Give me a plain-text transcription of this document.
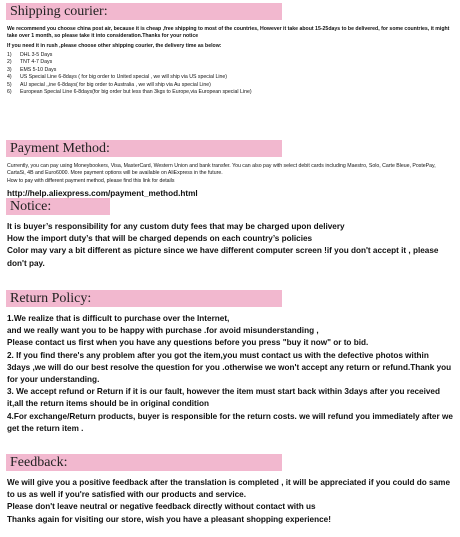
Shipping courier:
We recommend you choose china post air, because it is cheap ,free shipping to most of the countries, However it take about 15-25days to be delivered, for some countries, it might take over 1 month, so please take it into consideration.Thanks for your notice
If you need it in rush ,please choose other shipping courier, the delivery time as below:
1)	DHL 3-5 Days
2)	TNT 4-7 Days
3)	EMS 5-10 Days
4)	US Special Line 6-8days ( for big order to United special , we will ship via US special Line)
5)	AU special ,,ine 6-8days( for big order to Australia , we will ship via Au special Line)
6)	European Special Line 6-8days(for big order but less than 3kgs to Europe,via European special Line)
Payment Method:
Currently, you can pay using Moneybookers, Visa, MasterCard, Western Union and bank transfer. You can also pay with select debit cards including Maestro, Solo, Carte Bleue, PostePay, CartaSi, 4B and Euro6000. More payment options will be available on AliExpress in the future.
How to pay with different payment method, please find this link for details
http://help.aliexpress.com/payment_method.html
Notice:
It is buyer’s responsibility for any custom duty fees that may be charged upon delivery
How the import duty’s that will be charged depends on each country’s policies
Color may vary a bit different as picture since we have different computer screen !if you don't accept it , please don't pay.
Return Policy:
1.We realize that is difficult to purchase over the Internet,
and we really want you to be happy with purchase .for avoid misunderstanding ,
Please contact us first when you have any questions before you press "buy it now" or to bid.
2. If you find there's any problem after you got the item,you must contact us with the defective photos within 3days ,we will do our best resolve the question for you .otherwise we won't accept any return or refund.Thank you for your understanding.
3. We accept refund or Return if it is our fault, however the item must start back within 3days after you received it,all the return items should be in original condition
4.For exchange/Return products, buyer is responsible for the return costs. we will refund you immediately after we get the return item .
Feedback:
We will give you a positive feedback after the translation is completed , it will be appreciated if you could do same to us as well if you're satisfied with our products and service.
Please don't leave neutral or negative feedback directly without contact with us
Thanks again for visiting our store, wish you have a pleasant shopping experience!
